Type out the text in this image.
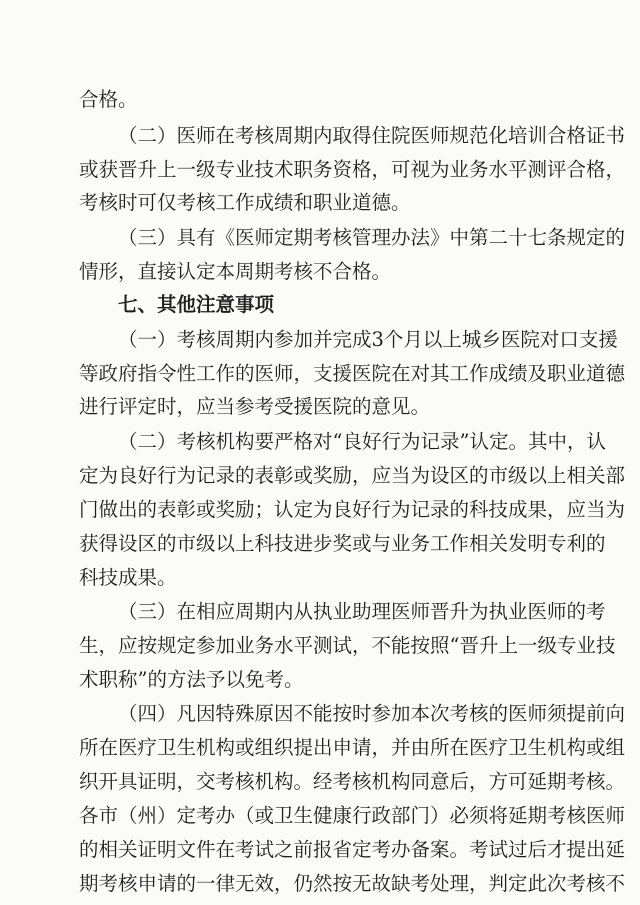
合格。
（二）医师在考核周期内取得住院医师规范化培训合格证书
或获晋升上一级专业技术职务资格，可视为业务水平测评合格，
考核时可仅考核工作成绩和职业道德。
（三）具有《医师定期考核管理办法》中第二十七条规定的
情形，直接认定本周期考核不合格。
七、其他注意事项
（一）考核周期内参加并完成3个月以上城乡医院对口支援
等政府指令性工作的医师，支援医院在对其工作成绩及职业道德
进行评定时，应当参考受援医院的意见。
（二）考核机构要严格对“良好行为记录”认定。其中，认
定为良好行为记录的表彰或奖励，应当为设区的市级以上相关部
门做出的表彰或奖励；认定为良好行为记录的科技成果，应当为
获得设区的市级以上科技进步奖或与业务工作相关发明专利的
科技成果。
（三）在相应周期内从执业助理医师晋升为执业医师的考
生，应按规定参加业务水平测试，不能按照“晋升上一级专业技
术职称”的方法予以免考。
（四）凡因特殊原因不能按时参加本次考核的医师须提前向
所在医疗卫生机构或组织提出申请，并由所在医疗卫生机构或组
织开具证明，交考核机构。经考核机构同意后，方可延期考核。
各市（州）定考办（或卫生健康行政部门）必须将延期考核医师
的相关证明文件在考试之前报省定考办备案。考试过后才提出延
期考核申请的一律无效，仍然按无故缺考处理，判定此次考核不
